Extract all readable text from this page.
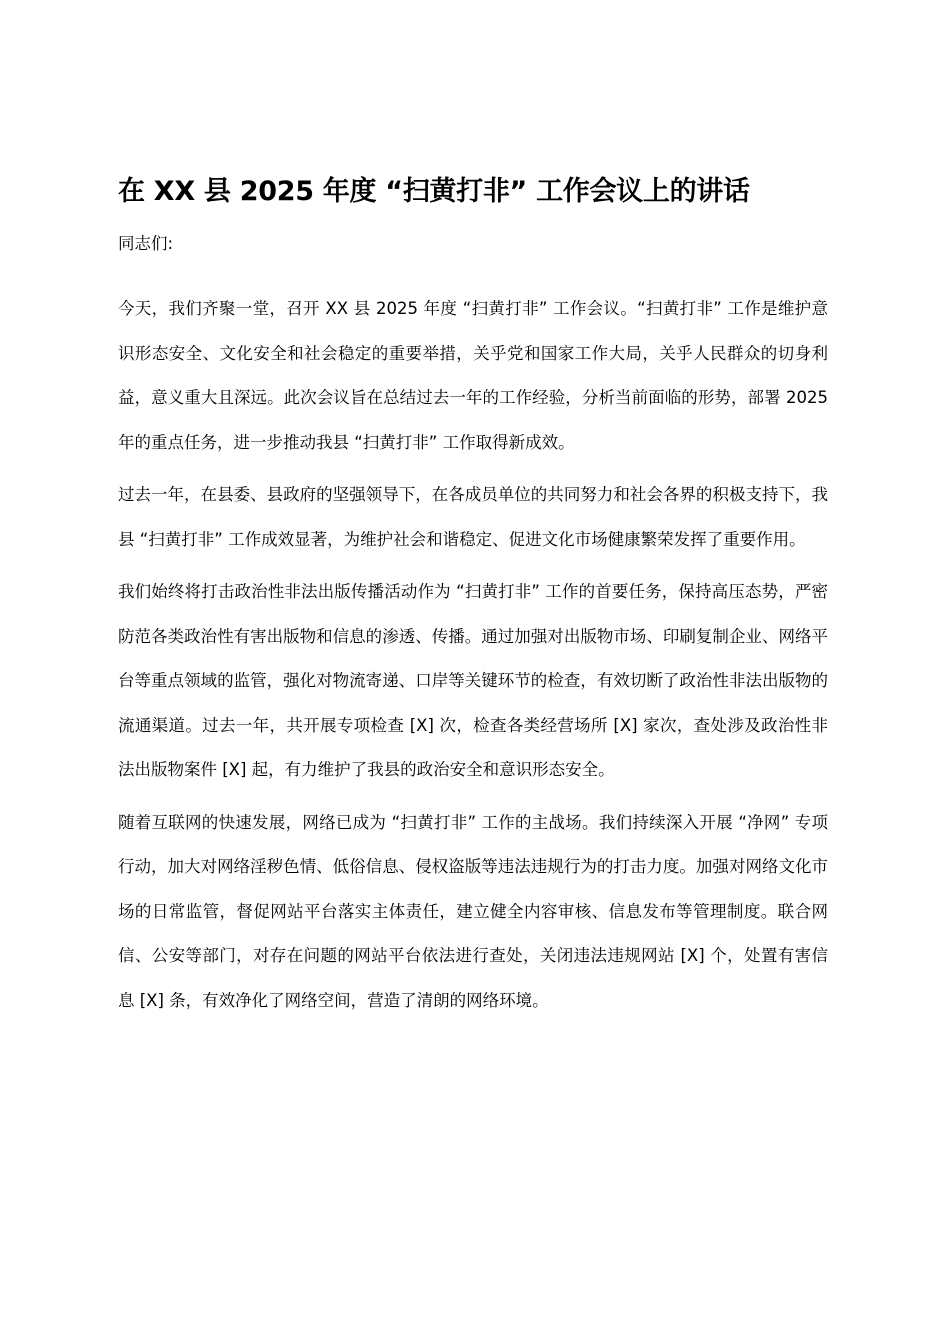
在 XX 县 2025 年度 “扫黄打非” 工作会议上的讲话

同志们:

今天，我们齐聚一堂，召开 XX 县 2025 年度 “扫黄打非” 工作会议。“扫黄打非” 工作是维护意识形态安全、文化安全和社会稳定的重要举措，关乎党和国家工作大局，关乎人民群众的切身利益，意义重大且深远。此次会议旨在总结过去一年的工作经验，分析当前面临的形势，部署 2025 年的重点任务，进一步推动我县 “扫黄打非” 工作取得新成效。

过去一年，在县委、县政府的坚强领导下，在各成员单位的共同努力和社会各界的积极支持下，我县 “扫黄打非” 工作成效显著，为维护社会和谐稳定、促进文化市场健康繁荣发挥了重要作用。

我们始终将打击政治性非法出版传播活动作为 “扫黄打非” 工作的首要任务，保持高压态势，严密防范各类政治性有害出版物和信息的渗透、传播。通过加强对出版物市场、印刷复制企业、网络平台等重点领域的监管，强化对物流寄递、口岸等关键环节的检查，有效切断了政治性非法出版物的流通渠道。过去一年，共开展专项检查 [X] 次，检查各类经营场所 [X] 家次，查处涉及政治性非法出版物案件 [X] 起，有力维护了我县的政治安全和意识形态安全。

随着互联网的快速发展，网络已成为 “扫黄打非” 工作的主战场。我们持续深入开展 “净网” 专项行动，加大对网络淫秽色情、低俗信息、侵权盗版等违法违规行为的打击力度。加强对网络文化市场的日常监管，督促网站平台落实主体责任，建立健全内容审核、信息发布等管理制度。联合网信、公安等部门，对存在问题的网站平台依法进行查处，关闭违法违规网站 [X] 个，处置有害信息 [X] 条，有效净化了网络空间，营造了清朗的网络环境。
